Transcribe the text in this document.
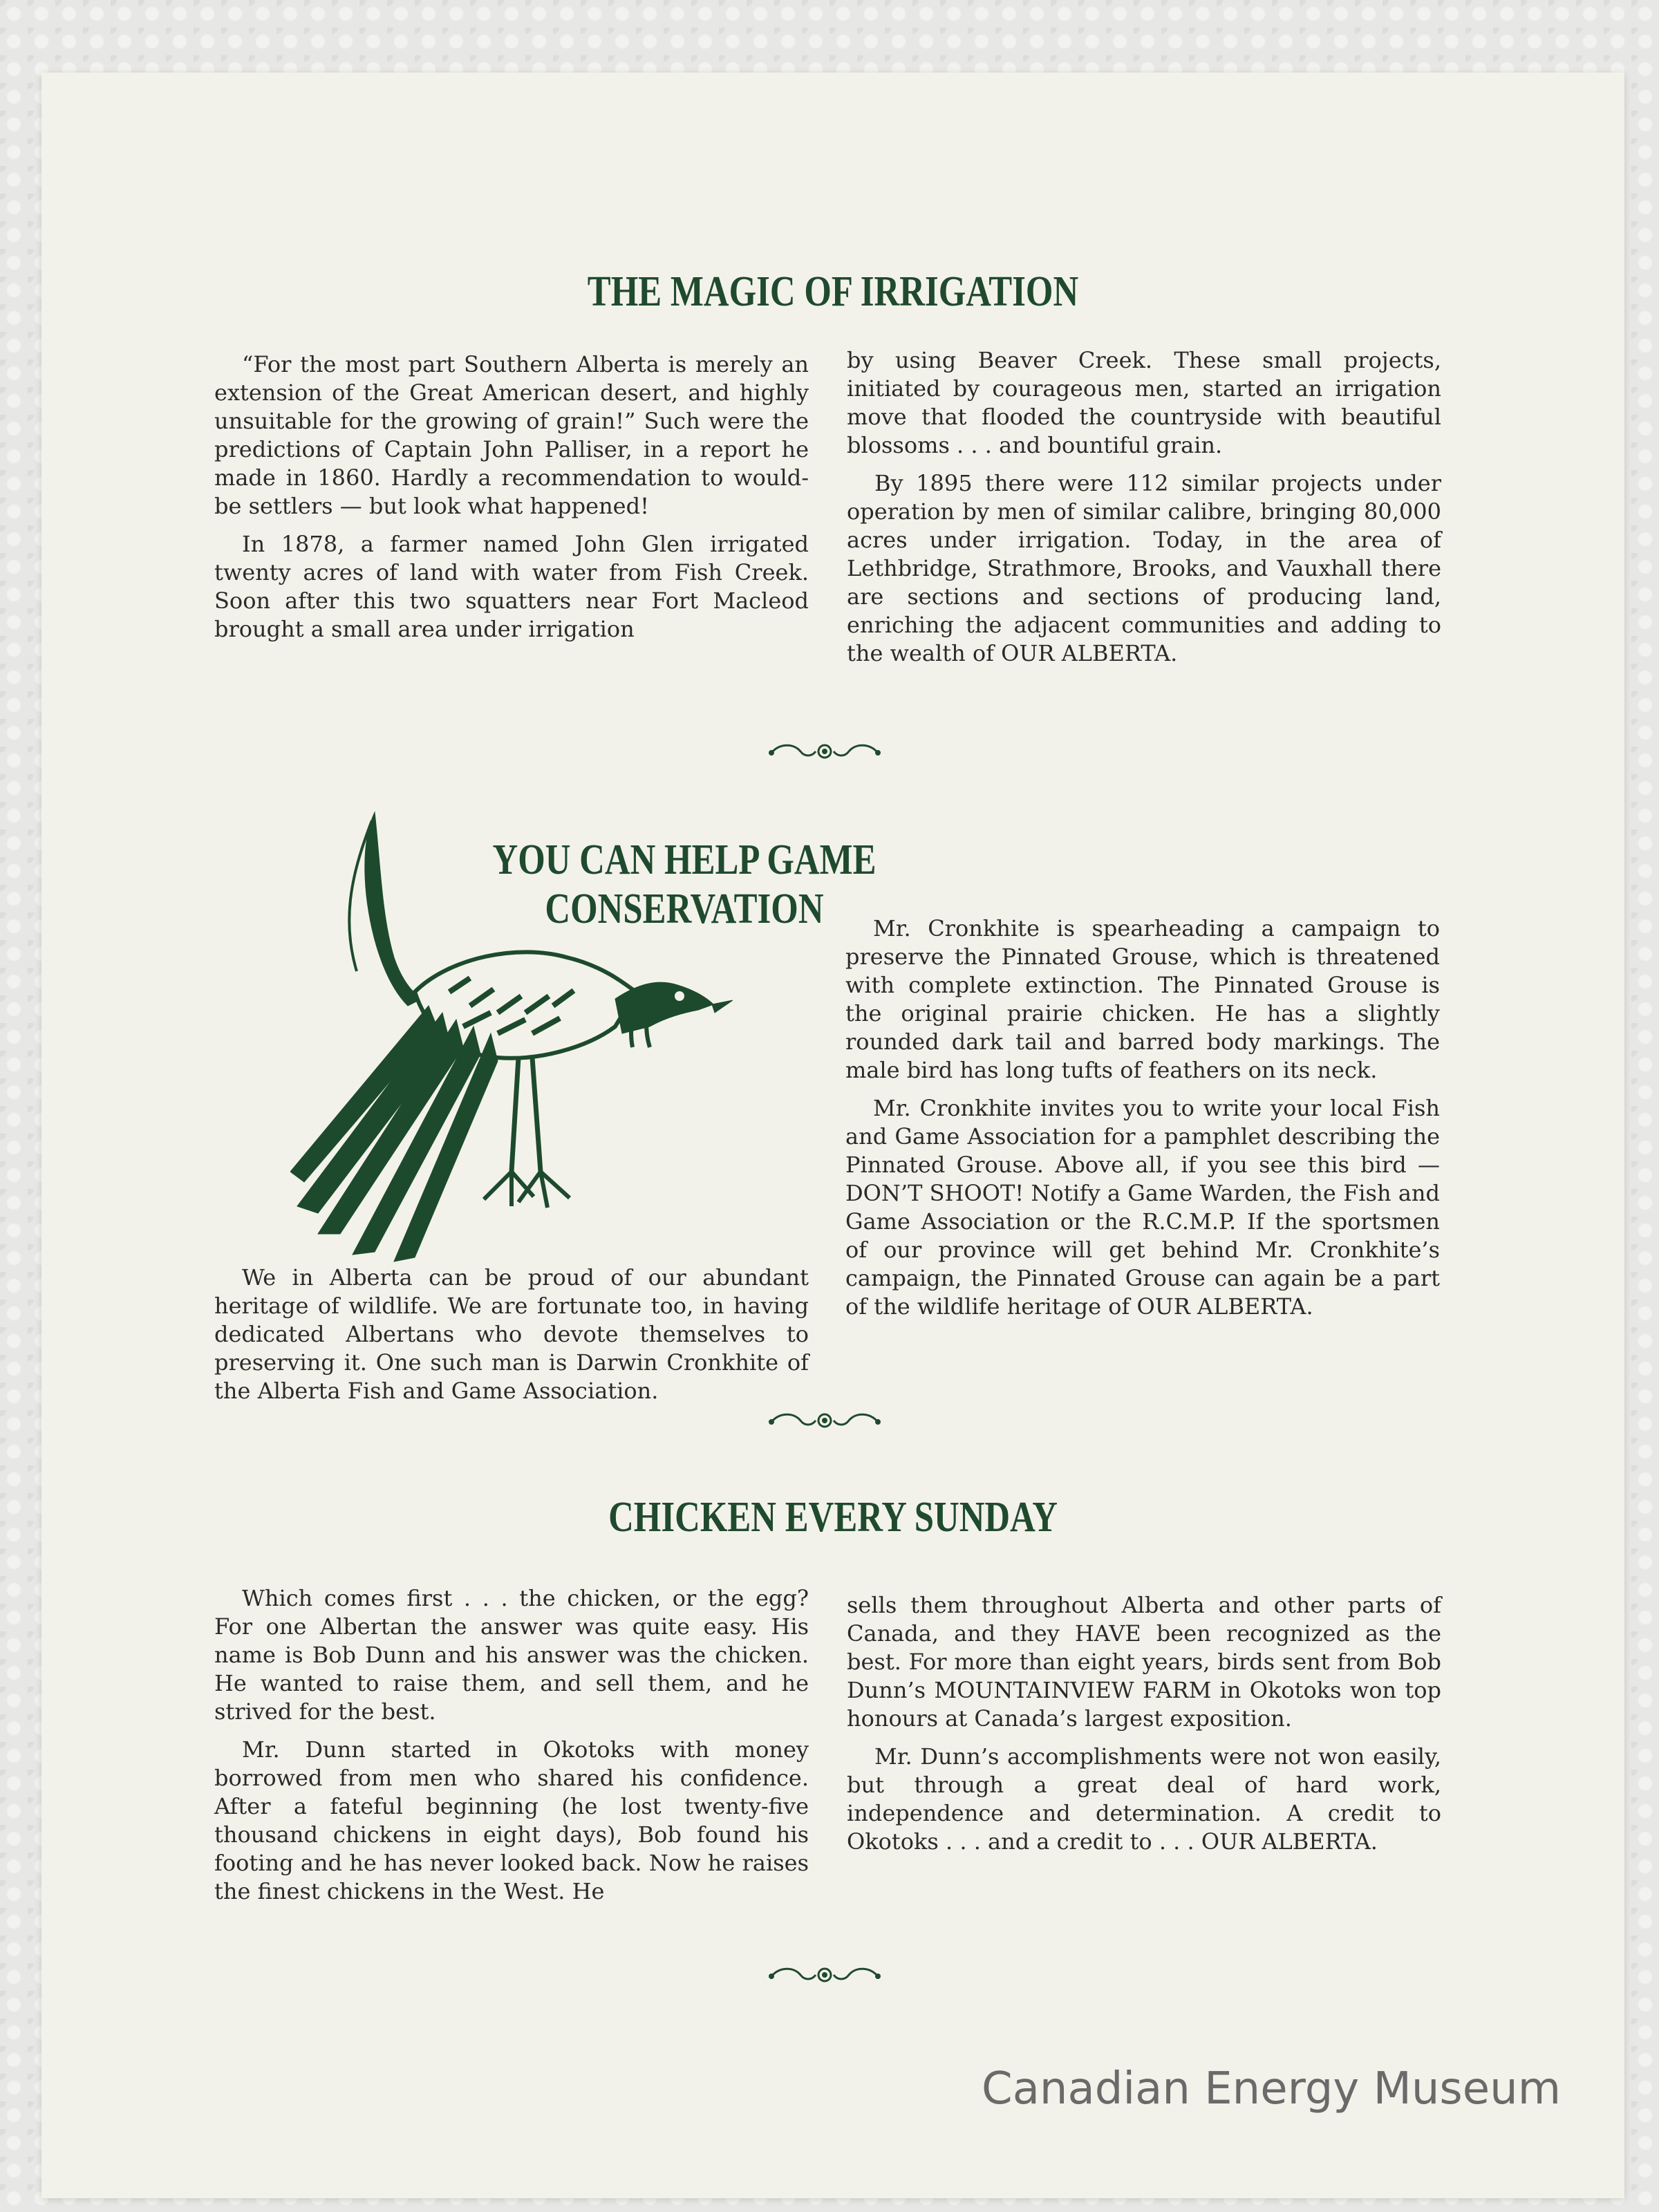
THE MAGIC OF IRRIGATION

“For the most part Southern Alberta is merely an extension of the Great American desert, and highly unsuitable for the growing of grain!” Such were the predictions of Captain John Palliser, in a report he made in 1860. Hardly a recommendation to would-be settlers — but look what happened!

In 1878, a farmer named John Glen irrigated twenty acres of land with water from Fish Creek. Soon after this two squatters near Fort Macleod brought a small area under irrigation

by using Beaver Creek. These small projects, initiated by courageous men, started an irrigation move that flooded the countryside with beautiful blossoms . . . and bountiful grain.

By 1895 there were 112 similar projects under operation by men of similar calibre, bringing 80,000 acres under irrigation. Today, in the area of Lethbridge, Strathmore, Brooks, and Vauxhall there are sections and sections of producing land, enriching the adjacent communities and adding to the wealth of OUR ALBERTA.

YOU CAN HELP GAME CONSERVATION

We in Alberta can be proud of our abundant heritage of wildlife. We are fortunate too, in having dedicated Albertans who devote themselves to preserving it. One such man is Darwin Cronkhite of the Alberta Fish and Game Association.

Mr. Cronkhite is spearheading a campaign to preserve the Pinnated Grouse, which is threatened with complete extinction. The Pinnated Grouse is the original prairie chicken. He has a slightly rounded dark tail and barred body markings. The male bird has long tufts of feathers on its neck.

Mr. Cronkhite invites you to write your local Fish and Game Association for a pamphlet describing the Pinnated Grouse. Above all, if you see this bird — DON’T SHOOT! Notify a Game Warden, the Fish and Game Association or the R.C.M.P. If the sportsmen of our province will get behind Mr. Cronkhite’s campaign, the Pinnated Grouse can again be a part of the wildlife heritage of OUR ALBERTA.

CHICKEN EVERY SUNDAY

Which comes first . . . the chicken, or the egg? For one Albertan the answer was quite easy. His name is Bob Dunn and his answer was the chicken. He wanted to raise them, and sell them, and he strived for the best.

Mr. Dunn started in Okotoks with money borrowed from men who shared his confidence. After a fateful beginning (he lost twenty-five thousand chickens in eight days), Bob found his footing and he has never looked back. Now he raises the finest chickens in the West. He

sells them throughout Alberta and other parts of Canada, and they HAVE been recognized as the best. For more than eight years, birds sent from Bob Dunn’s MOUNTAINVIEW FARM in Okotoks won top honours at Canada’s largest exposition.

Mr. Dunn’s accomplishments were not won easily, but through a great deal of hard work, independence and determination. A credit to Okotoks . . . and a credit to . . . OUR ALBERTA.

Canadian Energy Museum
